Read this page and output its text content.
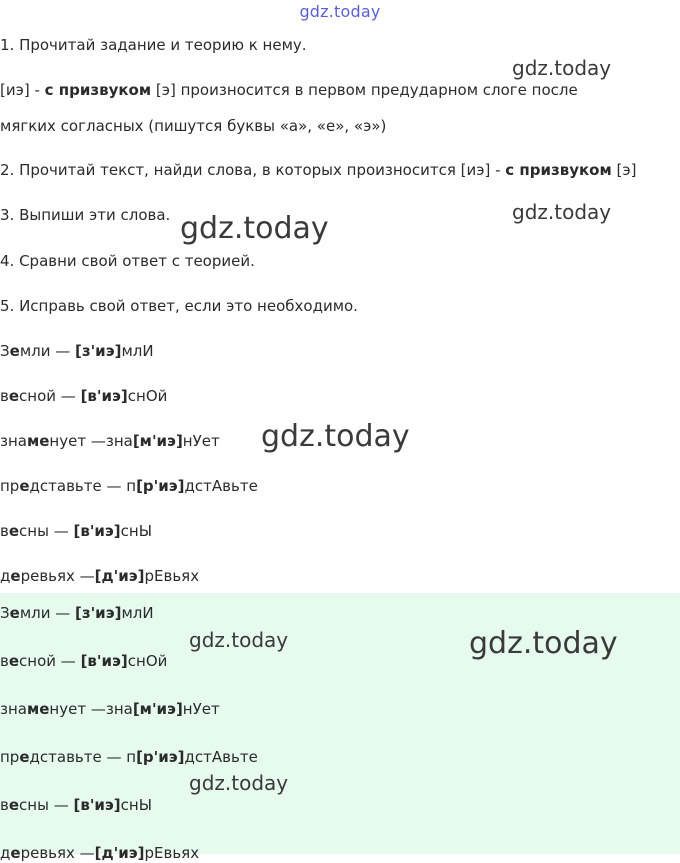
gdz.today
1. Прочитай задание и теорию к нему.
[иэ] - с призвуком [э] произносится в первом предударном слоге после
мягких согласных (пишутся буквы «а», «е», «э»)
2. Прочитай текст, найди слова, в которых произносится [иэ] - с призвуком [э]
3. Выпиши эти слова.
4. Сравни свой ответ с теорией.
5. Исправь свой ответ, если это необходимо.
Земли — [з'иэ]млИ
весной — [в'иэ]снОй
знаменует —зна[м'иэ]нУет
представьте — п[р'иэ]дстАвьте
весны — [в'иэ]снЫ
деревьях —[д'иэ]рЕвьях
Земли — [з'иэ]млИ
весной — [в'иэ]снОй
знаменует —зна[м'иэ]нУет
представьте — п[р'иэ]дстАвьте
весны — [в'иэ]снЫ
деревьях —[д'иэ]рЕвьях
gdz.today
gdz.today
gdz.today
gdz.today
gdz.today	gdz.today
gdz.today
